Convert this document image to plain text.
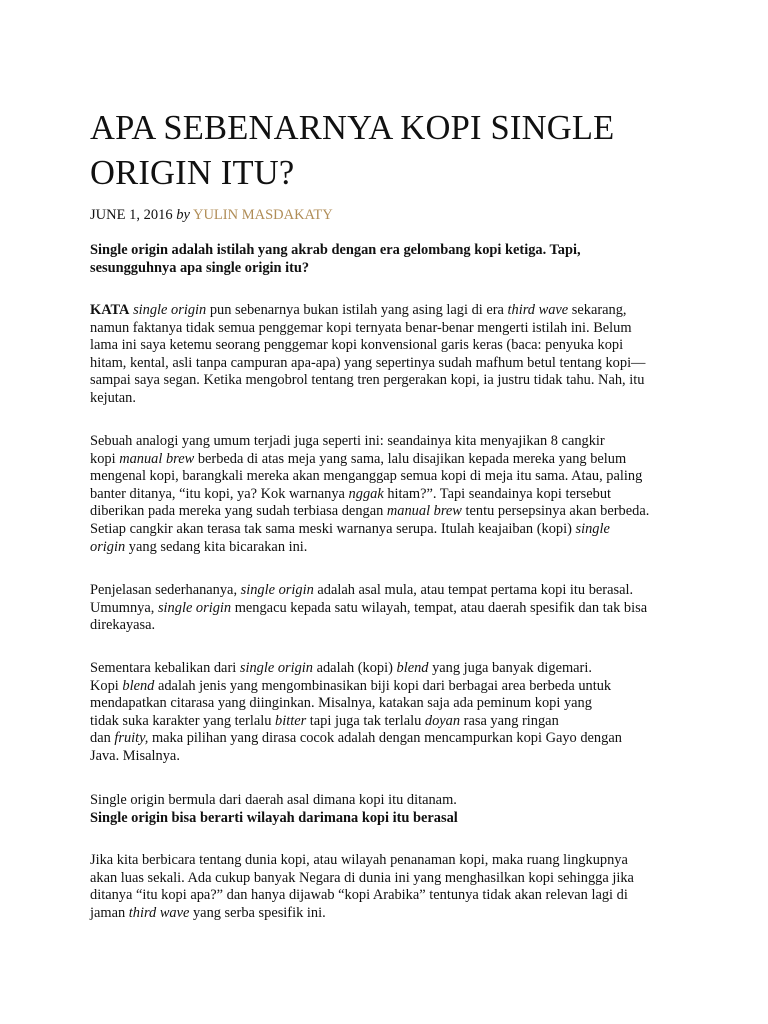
APA SEBENARNYA KOPI SINGLE ORIGIN ITU?
JUNE 1, 2016 by YULIN MASDAKATY

Single origin adalah istilah yang akrab dengan era gelombang kopi ketiga. Tapi,
sesungguhnya apa single origin itu?

KATA single origin pun sebenarnya bukan istilah yang asing lagi di era third wave sekarang,
namun faktanya tidak semua penggemar kopi ternyata benar-benar mengerti istilah ini. Belum
lama ini saya ketemu seorang penggemar kopi konvensional garis keras (baca: penyuka kopi
hitam, kental, asli tanpa campuran apa-apa) yang sepertinya sudah mafhum betul tentang kopi—
sampai saya segan. Ketika mengobrol tentang tren pergerakan kopi, ia justru tidak tahu. Nah, itu
kejutan.

Sebuah analogi yang umum terjadi juga seperti ini: seandainya kita menyajikan 8 cangkir
kopi manual brew berbeda di atas meja yang sama, lalu disajikan kepada mereka yang belum
mengenal kopi, barangkali mereka akan menganggap semua kopi di meja itu sama. Atau, paling
banter ditanya, “itu kopi, ya? Kok warnanya nggak hitam?”. Tapi seandainya kopi tersebut
diberikan pada mereka yang sudah terbiasa dengan manual brew tentu persepsinya akan berbeda.
Setiap cangkir akan terasa tak sama meski warnanya serupa. Itulah keajaiban (kopi) single
origin yang sedang kita bicarakan ini.

Penjelasan sederhananya, single origin adalah asal mula, atau tempat pertama kopi itu berasal.
Umumnya, single origin mengacu kepada satu wilayah, tempat, atau daerah spesifik dan tak bisa
direkayasa.

Sementara kebalikan dari single origin adalah (kopi) blend yang juga banyak digemari.
Kopi blend adalah jenis yang mengombinasikan biji kopi dari berbagai area berbeda untuk
mendapatkan citarasa yang diinginkan. Misalnya, katakan saja ada peminum kopi yang
tidak suka karakter yang terlalu bitter tapi juga tak terlalu doyan rasa yang ringan
dan fruity, maka pilihan yang dirasa cocok adalah dengan mencampurkan kopi Gayo dengan
Java. Misalnya.

Single origin bermula dari daerah asal dimana kopi itu ditanam.
Single origin bisa berarti wilayah darimana kopi itu berasal

Jika kita berbicara tentang dunia kopi, atau wilayah penanaman kopi, maka ruang lingkupnya
akan luas sekali. Ada cukup banyak Negara di dunia ini yang menghasilkan kopi sehingga jika
ditanya “itu kopi apa?” dan hanya dijawab “kopi Arabika” tentunya tidak akan relevan lagi di
jaman third wave yang serba spesifik ini.
